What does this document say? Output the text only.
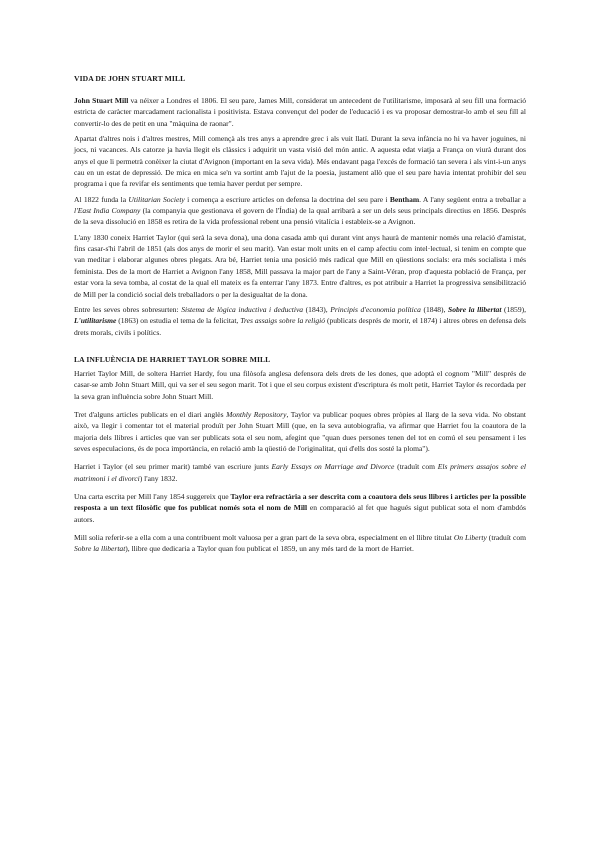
VIDA DE JOHN STUART MILL

John Stuart Mill va néixer a Londres el 1806. El seu pare, James Mill, considerat un antecedent de l'utilitarisme, imposarà al seu fill una formació estricta de caràcter marcadament racionalista i positivista. Estava convençut del poder de l'educació i es va proposar demostrar-lo amb el seu fill al convertir-lo des de petit en una "màquina de raonar".

Apartat d'altres nois i d'altres mestres, Mill començà als tres anys a aprendre grec i als vuit llatí. Durant la seva infància no hi va haver joguines, ni jocs, ni vacances. Als catorze ja havia llegit els clàssics i adquirit un vasta visió del món antic. A aquesta edat viatja a França on viurà durant dos anys el que li permetrà conèixer la ciutat d'Avignon (important en la seva vida). Més endavant paga l'excés de formació tan severa i als vint-i-un anys cau en un estat de depressió. De mica en mica se'n va sortint amb l'ajut de la poesia, justament allò que el seu pare havia intentat prohibir del seu programa i que fa revifar els sentiments que temia haver perdut per sempre.

Al 1822 funda la Utilitarian Society i comença a escriure articles on defensa la doctrina del seu pare i Bentham. A l'any següent entra a treballar a l'East India Company (la companyia que gestionava el govern de l'Índia) de la qual arribarà a ser un dels seus principals directius en 1856. Després de la seva dissolució en 1858 es retira de la vida professional rebent una pensió vitalícia i estableix-se a Avignon.

L'any 1830 coneix Harriet Taylor (qui serà la seva dona), una dona casada amb qui durant vint anys haurà de mantenir només una relació d'amistat, fins casar-s'hi l'abril de 1851 (als dos anys de morir el seu marit). Van estar molt units en el camp afectiu com intel·lectual, si tenim en compte que van meditar i elaborar algunes obres plegats. Ara bé, Harriet tenia una posició més radical que Mill en qüestions socials: era més socialista i més feminista. Des de la mort de Harriet a Avignon l'any 1858, Mill passava la major part de l'any a Saint-Véran, prop d'aquesta població de França, per estar vora la seva tomba, al costat de la qual ell mateix es fa enterrar l'any 1873. Entre d'altres, es pot atribuir a Harriet la progressiva sensibilització de Mill per la condició social dels treballadors o per la desigualtat de la dona.

Entre les seves obres sobresurten: Sistema de lògica inductiva i deductiva (1843), Principis d'economia política (1848), Sobre la llibertat (1859), L'utilitarisme (1863) on estudia el tema de la felicitat, Tres assaigs sobre la religió (publicats després de morir, el 1874) i altres obres en defensa dels drets morals, civils i polítics.

LA INFLUÈNCIA DE HARRIET TAYLOR SOBRE MILL

Harriet Taylor Mill, de soltera Harriet Hardy, fou una filòsofa anglesa defensora dels drets de les dones, que adoptà el cognom "Mill" després de casar-se amb John Stuart Mill, qui va ser el seu segon marit. Tot i que el seu corpus existent d'escriptura és molt petit, Harriet Taylor és recordada per la seva gran influència sobre John Stuart Mill.

Tret d'alguns articles publicats en el diari anglès Monthly Repository, Taylor va publicar poques obres pròpies al llarg de la seva vida. No obstant això, va llegir i comentar tot el material produït per John Stuart Mill (que, en la seva autobiografia, va afirmar que Harriet fou la coautora de la majoria dels llibres i articles que van ser publicats sota el seu nom, afegint que "quan dues persones tenen del tot en comú el seu pensament i les seves especulacions, és de poca importància, en relació amb la qüestió de l'originalitat, qui d'ells dos sosté la ploma").

Harriet i Taylor (el seu primer marit) també van escriure junts Early Essays on Marriage and Divorce (traduït com Els primers assajos sobre el matrimoni i el divorci) l'any 1832.

Una carta escrita per Mill l'any 1854 suggereix que Taylor era refractària a ser descrita com a coautora dels seus llibres i articles per la possible resposta a un text filosòfic que fos publicat només sota el nom de Mill en comparació al fet que hagués sigut publicat sota el nom d'ambdós autors.

Mill solia referir-se a ella com a una contribuent molt valuosa per a gran part de la seva obra, especialment en el llibre titulat On Liberty (traduït com Sobre la llibertat), llibre que dedicaria a Taylor quan fou publicat el 1859, un any més tard de la mort de Harriet.
